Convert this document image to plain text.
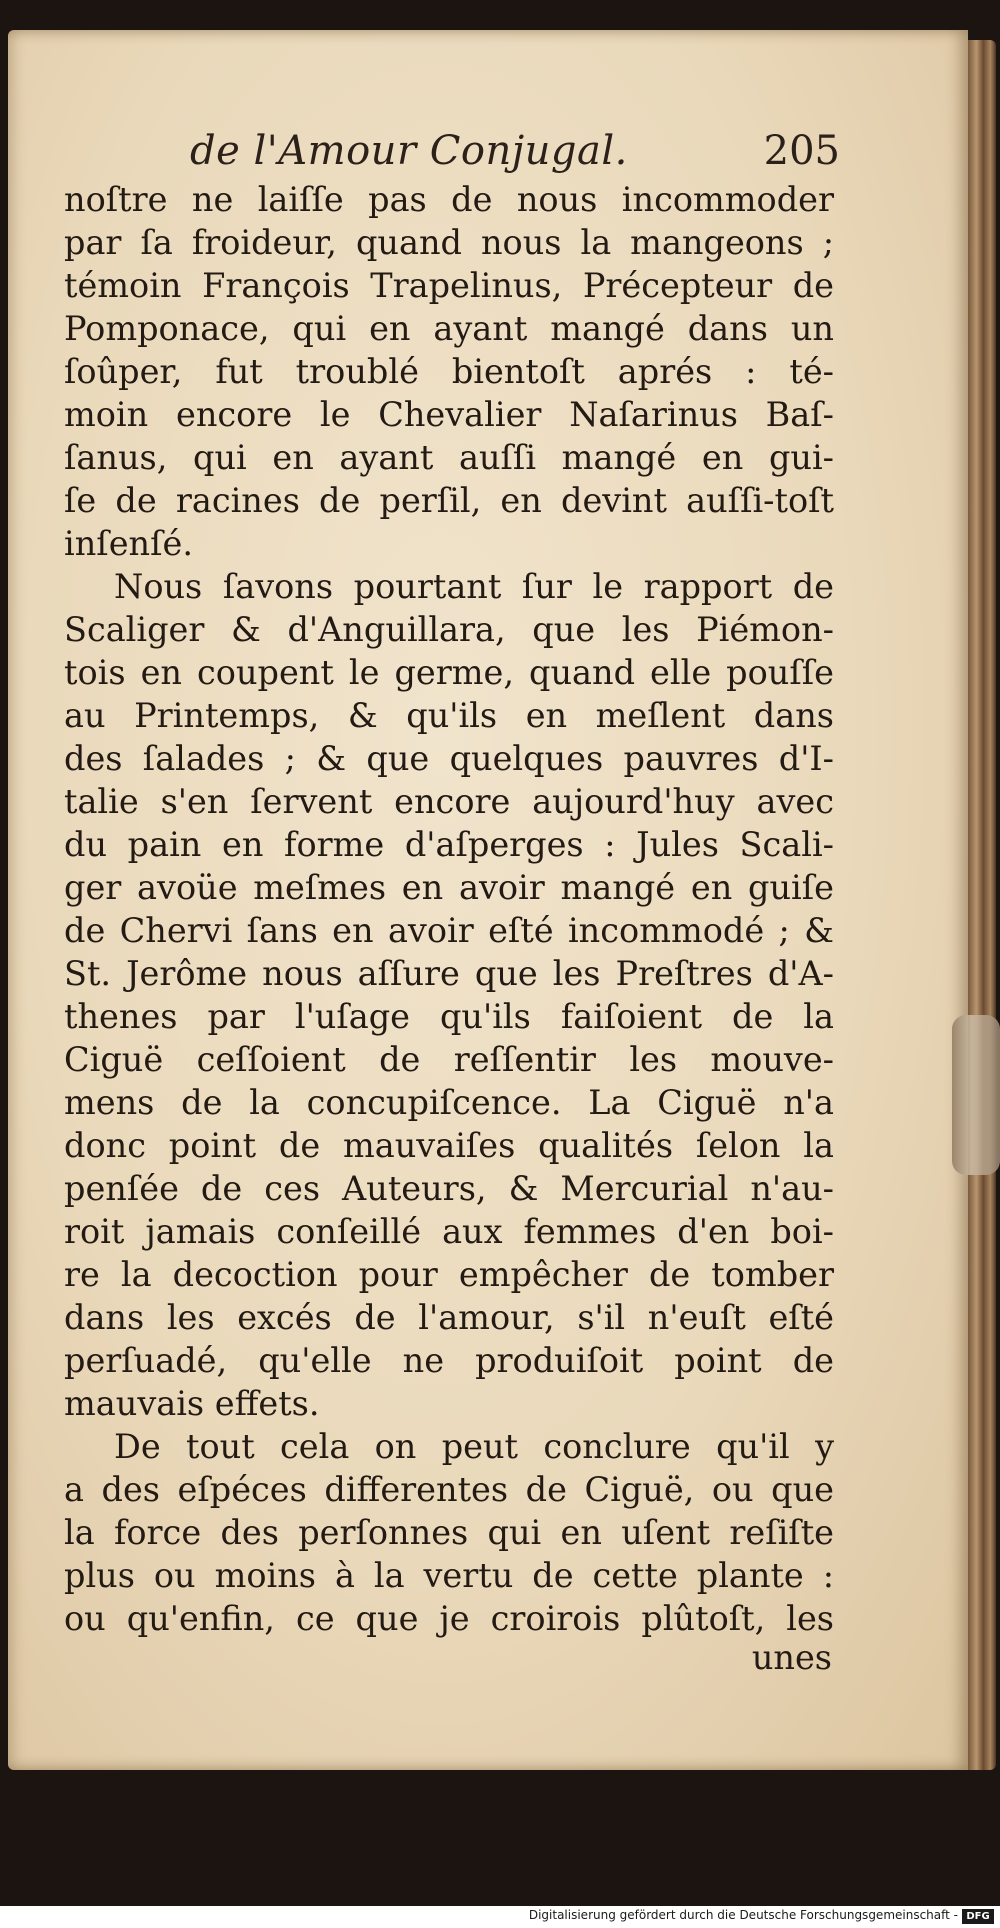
de l'Amour Conjugal.	205
noſtre ne laiſſe pas de nous incommoder
par ſa froideur, quand nous la mangeons ;
témoin François Trapelinus, Précepteur de
Pomponace, qui en ayant mangé dans un
ſoûper, fut troublé bientoſt aprés : té-
moin encore le Chevalier Naſarinus Baſ-
ſanus, qui en ayant auſſi mangé en gui-
ſe de racines de perſil, en devint auſſi-toſt
inſenſé.
Nous ſavons pourtant ſur le rapport de
Scaliger & d'Anguillara, que les Piémon-
tois en coupent le germe, quand elle pouſſe
au Printemps, & qu'ils en meſlent dans
des ſalades ; & que quelques pauvres d'I-
talie s'en ſervent encore aujourd'huy avec
du pain en forme d'aſperges : Jules Scali-
ger avoüe meſmes en avoir mangé en guiſe
de Chervi ſans en avoir eſté incommodé ; &
St. Jerôme nous aſſure que les Preſtres d'A-
thenes par l'uſage qu'ils faiſoient de la
Ciguë ceſſoient de reſſentir les mouve-
mens de la concupiſcence. La Ciguë n'a
donc point de mauvaiſes qualités ſelon la
penſée de ces Auteurs, & Mercurial n'au-
roit jamais conſeillé aux femmes d'en boi-
re la decoction pour empêcher de tomber
dans les excés de l'amour, s'il n'euſt eſté
perſuadé, qu'elle ne produiſoit point de
mauvais effets.
De tout cela on peut conclure qu'il y
a des eſpéces differentes de Ciguë, ou que
la force des perſonnes qui en uſent reſiſte
plus ou moins à la vertu de cette plante :
ou qu'enfin, ce que je croirois plûtoſt, les
unes
Digitalisierung gefördert durch die Deutsche Forschungsgemeinschaft - DFG
